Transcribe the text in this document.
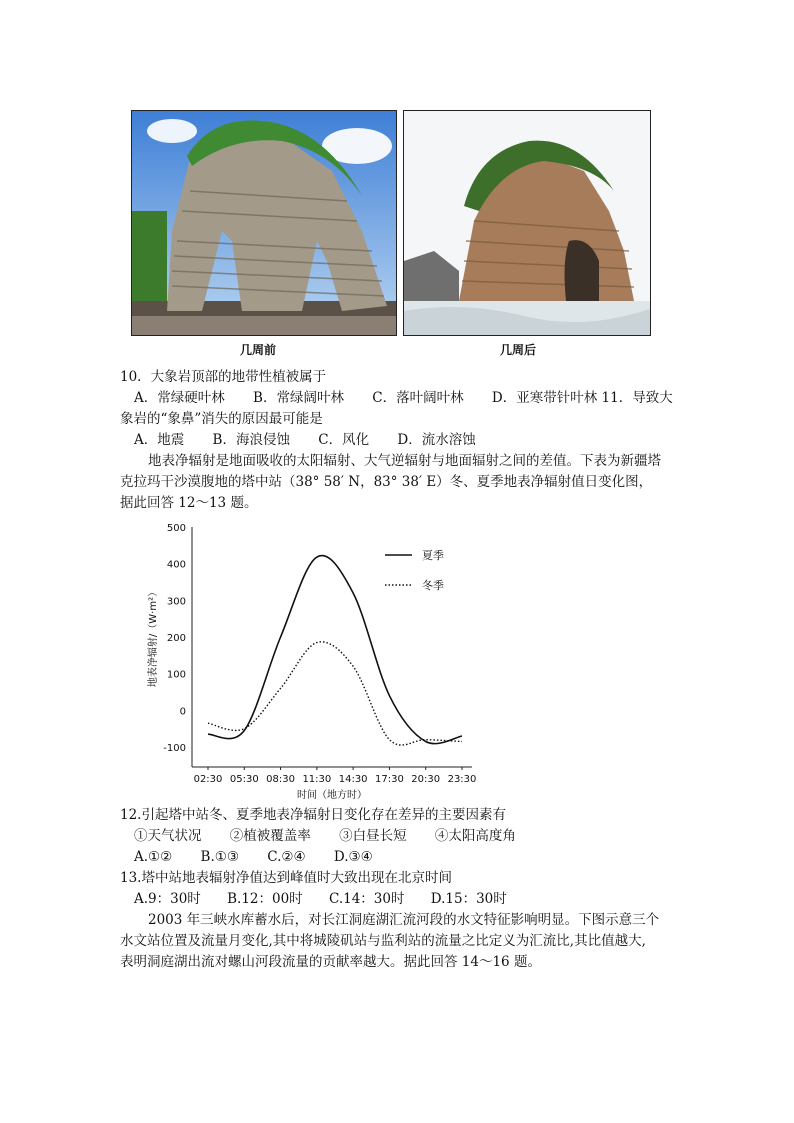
几周前	几周后
10．大象岩顶部的地带性植被属于
A．常绿硬叶林 B．常绿阔叶林 C．落叶阔叶林 D．亚寒带针叶林 11．导致大
象岩的“象鼻”消失的原因最可能是
A．地震 B．海浪侵蚀 C．风化 D．流水溶蚀
地表净辐射是地面吸收的太阳辐射、大气逆辐射与地面辐射之间的差值。下表为新疆塔
克拉玛干沙漠腹地的塔中站（38° 58′ N，83° 38′ E）冬、夏季地表净辐射值日变化图，
据此回答 12～13 题。
500
400
300
200
100
0
-100
02:30 05:30 08:30 11:30 14:30 17:30 20:30 23:30
时间（地方时）
地表净辐射/（W·m²）
夏季
冬季
12.引起塔中站冬、夏季地表净辐射日变化存在差异的主要因素有
①天气状况 ②植被覆盖率 ③白昼长短 ④太阳高度角
A.①② B.①③ C.②④ D.③④
13.塔中站地表辐射净值达到峰值时大致出现在北京时间
A.9：30时 B.12：00时 C.14：30时 D.15：30时
2003 年三峡水库蓄水后，对长江洞庭湖汇流河段的水文特征影响明显。下图示意三个
水文站位置及流量月变化,其中将城陵矶站与监利站的流量之比定义为汇流比,其比值越大,
表明洞庭湖出流对螺山河段流量的贡献率越大。据此回答 14～16 题。
